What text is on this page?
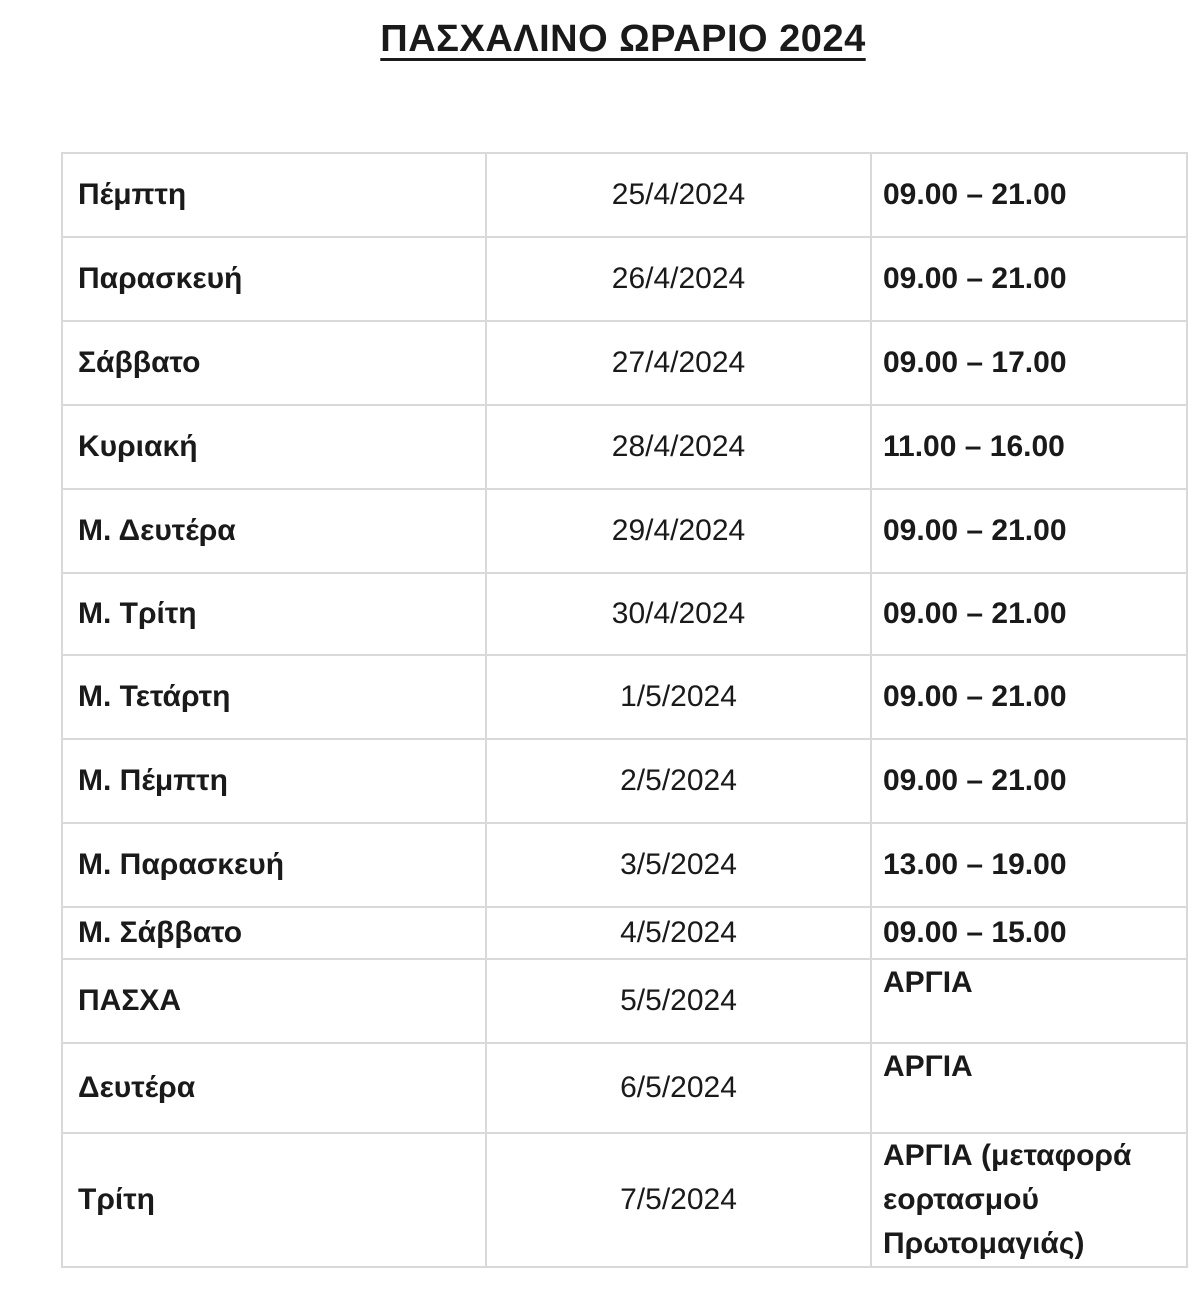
ΠΑΣΧΑΛΙΝΟ ΩΡΑΡΙΟ 2024
Πέμπτη	25/4/2024	09.00 – 21.00
Παρασκευή	26/4/2024	09.00 – 21.00
Σάββατο	27/4/2024	09.00 – 17.00
Κυριακή	28/4/2024	11.00 – 16.00
Μ. Δευτέρα	29/4/2024	09.00 – 21.00
Μ. Τρίτη	30/4/2024	09.00 – 21.00
Μ. Τετάρτη	1/5/2024	09.00 – 21.00
Μ. Πέμπτη	2/5/2024	09.00 – 21.00
Μ. Παρασκευή	3/5/2024	13.00 – 19.00
Μ. Σάββατο	4/5/2024	09.00 – 15.00
ΠΑΣΧΑ	5/5/2024	ΑΡΓΙΑ
Δευτέρα	6/5/2024	ΑΡΓΙΑ
Τρίτη	7/5/2024	ΑΡΓΙΑ (μεταφορά
εορτασμού
Πρωτομαγιάς)
